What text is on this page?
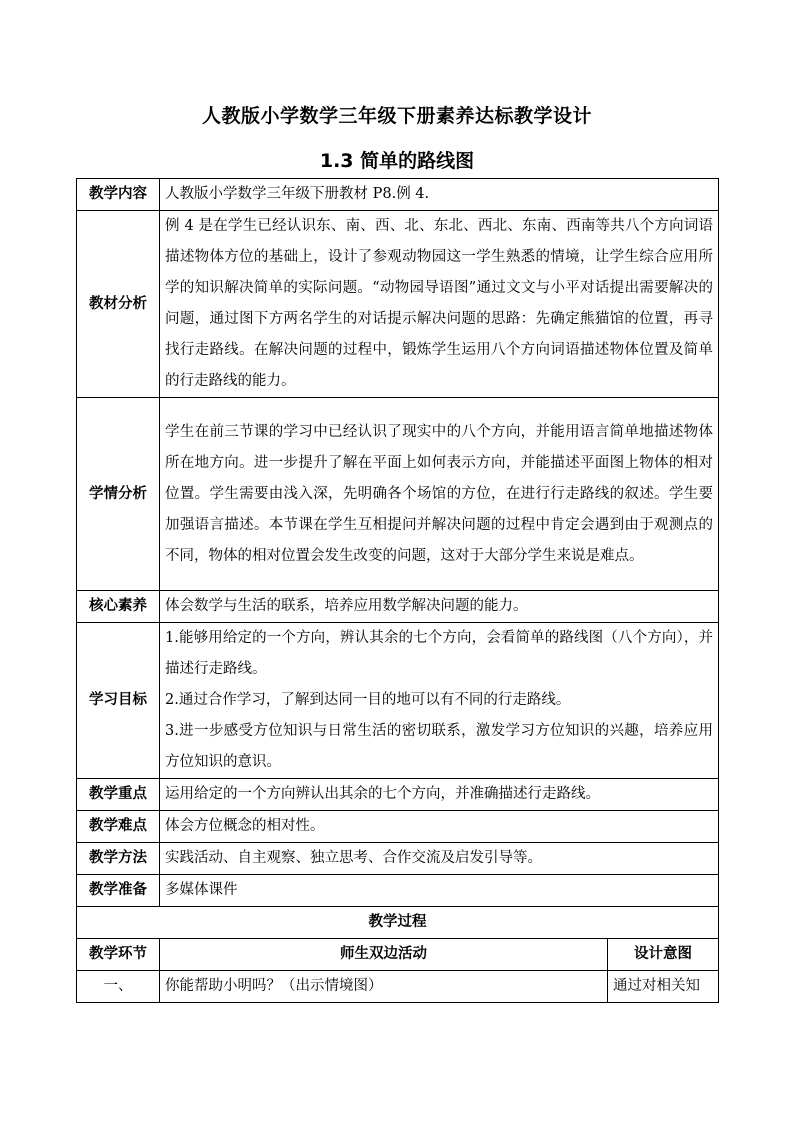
人教版小学数学三年级下册素养达标教学设计
1.3 简单的路线图
教学内容	人教版小学数学三年级下册教材 P8.例 4.	
教材分析	例 4 是在学生已经认识东、南、西、北、东北、西北、东南、西南等共八个方向词语描述物体方位的基础上，设计了参观动物园这一学生熟悉的情境，让学生综合应用所学的知识解决简单的实际问题。“动物园导语图”通过文文与小平对话提出需要解决的问题，通过图下方两名学生的对话提示解决问题的思路：先确定熊猫馆的位置，再寻找行走路线。在解决问题的过程中，锻炼学生运用八个方向词语描述物体位置及简单的行走路线的能力。	
学情分析	学生在前三节课的学习中已经认识了现实中的八个方向，并能用语言简单地描述物体所在地方向。进一步提升了解在平面上如何表示方向，并能描述平面图上物体的相对位置。学生需要由浅入深，先明确各个场馆的方位，在进行行走路线的叙述。学生要加强语言描述。本节课在学生互相提问并解决问题的过程中肯定会遇到由于观测点的不同，物体的相对位置会发生改变的问题，这对于大部分学生来说是难点。	
核心素养	体会数学与生活的联系，培养应用数学解决问题的能力。	
学习目标	1.能够用给定的一个方向，辨认其余的七个方向，会看简单的路线图（八个方向），并描述行走路线。
2.通过合作学习，了解到达同一目的地可以有不同的行走路线。
3.进一步感受方位知识与日常生活的密切联系，激发学习方位知识的兴趣，培养应用方位知识的意识。	

教学重点	运用给定的一个方向辨认出其余的七个方向，并准确描述行走路线。	
教学难点	体会方位概念的相对性。	
教学方法	实践活动、自主观察、独立思考、合作交流及启发引导等。	
教学准备	多媒体课件	
教学过程		
教学环节	师生双边活动	设计意图
一、	你能帮助小明吗？（出示情境图）	通过对相关知
